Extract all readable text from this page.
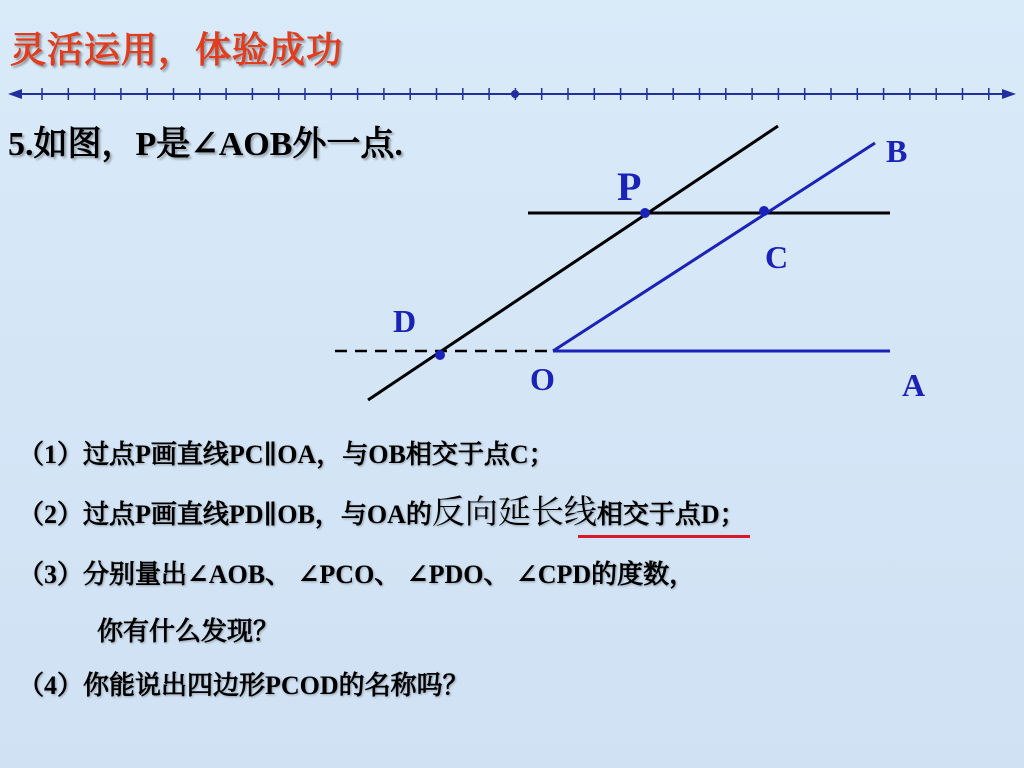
灵活运用，体验成功
5.如图，P是∠AOB外一点.	B
P
C
D
O	A
（1）过点P画直线PC∥OA，与OB相交于点C；
（2）过点P画直线PD∥OB，与OA的反向延长线相交于点D；
（3）分别量出∠AOB、 ∠PCO、 ∠PDO、 ∠CPD的度数，
你有什么发现？
（4）你能说出四边形PCOD的名称吗？
